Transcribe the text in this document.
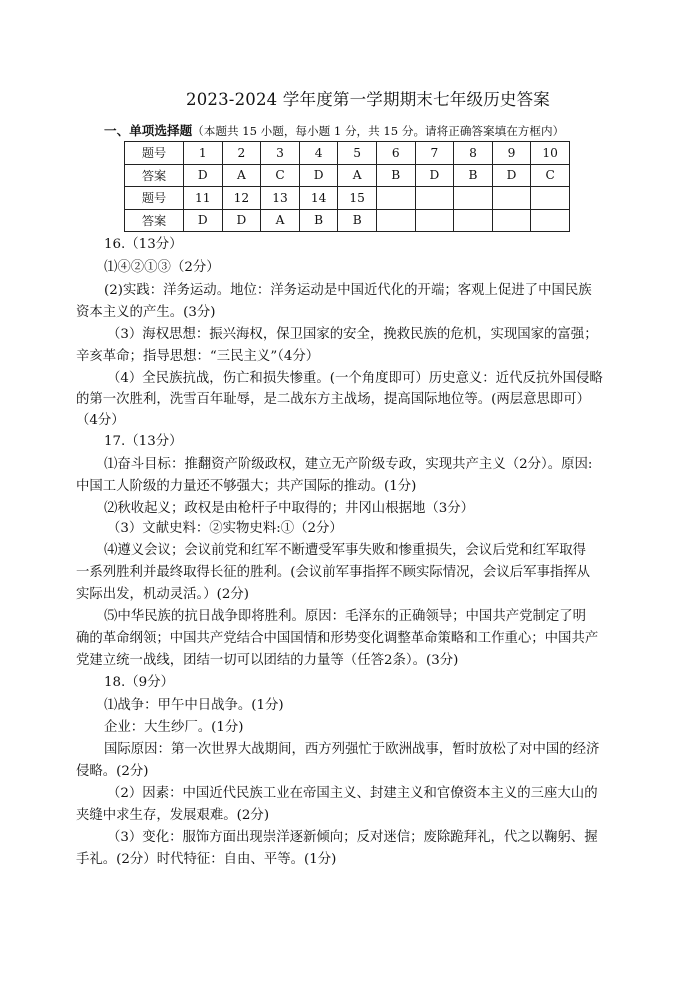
2023-2024 学年度第一学期期末七年级历史答案
一、单项选择题（本题共 15 小题，每小题 1 分，共 15 分。请将正确答案填在方框内）
题号	1	2	3	4	5	6	7	8	9	10
答案	D	A	C	D	A	B	D	B	D	C
题号	11	12	13	14	15					
答案	D	D	A	B	B					
16.（13分）
⑴④②①③（2分）
(2)实践：洋务运动。地位：洋务运动是中国近代化的开端；客观上促进了中国民族
资本主义的产生。(3分)
（3）海权思想：振兴海权，保卫国家的安全，挽救民族的危机，实现国家的富强；
辛亥革命；指导思想：“三民主义”（4分）
（4）全民族抗战，伤亡和损失惨重。(一个角度即可）历史意义：近代反抗外国侵略
的第一次胜利，洗雪百年耻辱，是二战东方主战场，提高国际地位等。(两层意思即可）
（4分）
17.（13分）
⑴奋斗目标：推翻资产阶级政权，建立无产阶级专政，实现共产主义（2分）。原因:
中国工人阶级的力量还不够强大；共产国际的推动。(1分)
⑵秋收起义；政权是由枪杆子中取得的；井冈山根据地（3分）
（3）文献史料：②实物史料:①（2分）
⑷遵义会议；会议前党和红军不断遭受军事失败和惨重损失，会议后党和红军取得
一系列胜利并最终取得长征的胜利。(会议前军事指挥不顾实际情况，会议后军事指挥从
实际出发，机动灵活。）(2分)
⑸中华民族的抗日战争即将胜利。原因：毛泽东的正确领导；中国共产党制定了明
确的革命纲领；中国共产党结合中国国情和形势变化调整革命策略和工作重心；中国共产
党建立统一战线，团结一切可以团结的力量等（任答2条）。(3分)
18.（9分）
⑴战争：甲午中日战争。(1分)
企业：大生纱厂。(1分)
国际原因：第一次世界大战期间，西方列强忙于欧洲战事，暂时放松了对中国的经济
侵略。(2分)
（2）因素：中国近代民族工业在帝国主义、封建主义和官僚资本主义的三座大山的
夹缝中求生存，发展艰难。(2分)
（3）变化：服饰方面出现崇洋逐新倾向；反对迷信；废除跪拜礼，代之以鞠躬、握
手礼。(2分）时代特征：自由、平等。(1分)
